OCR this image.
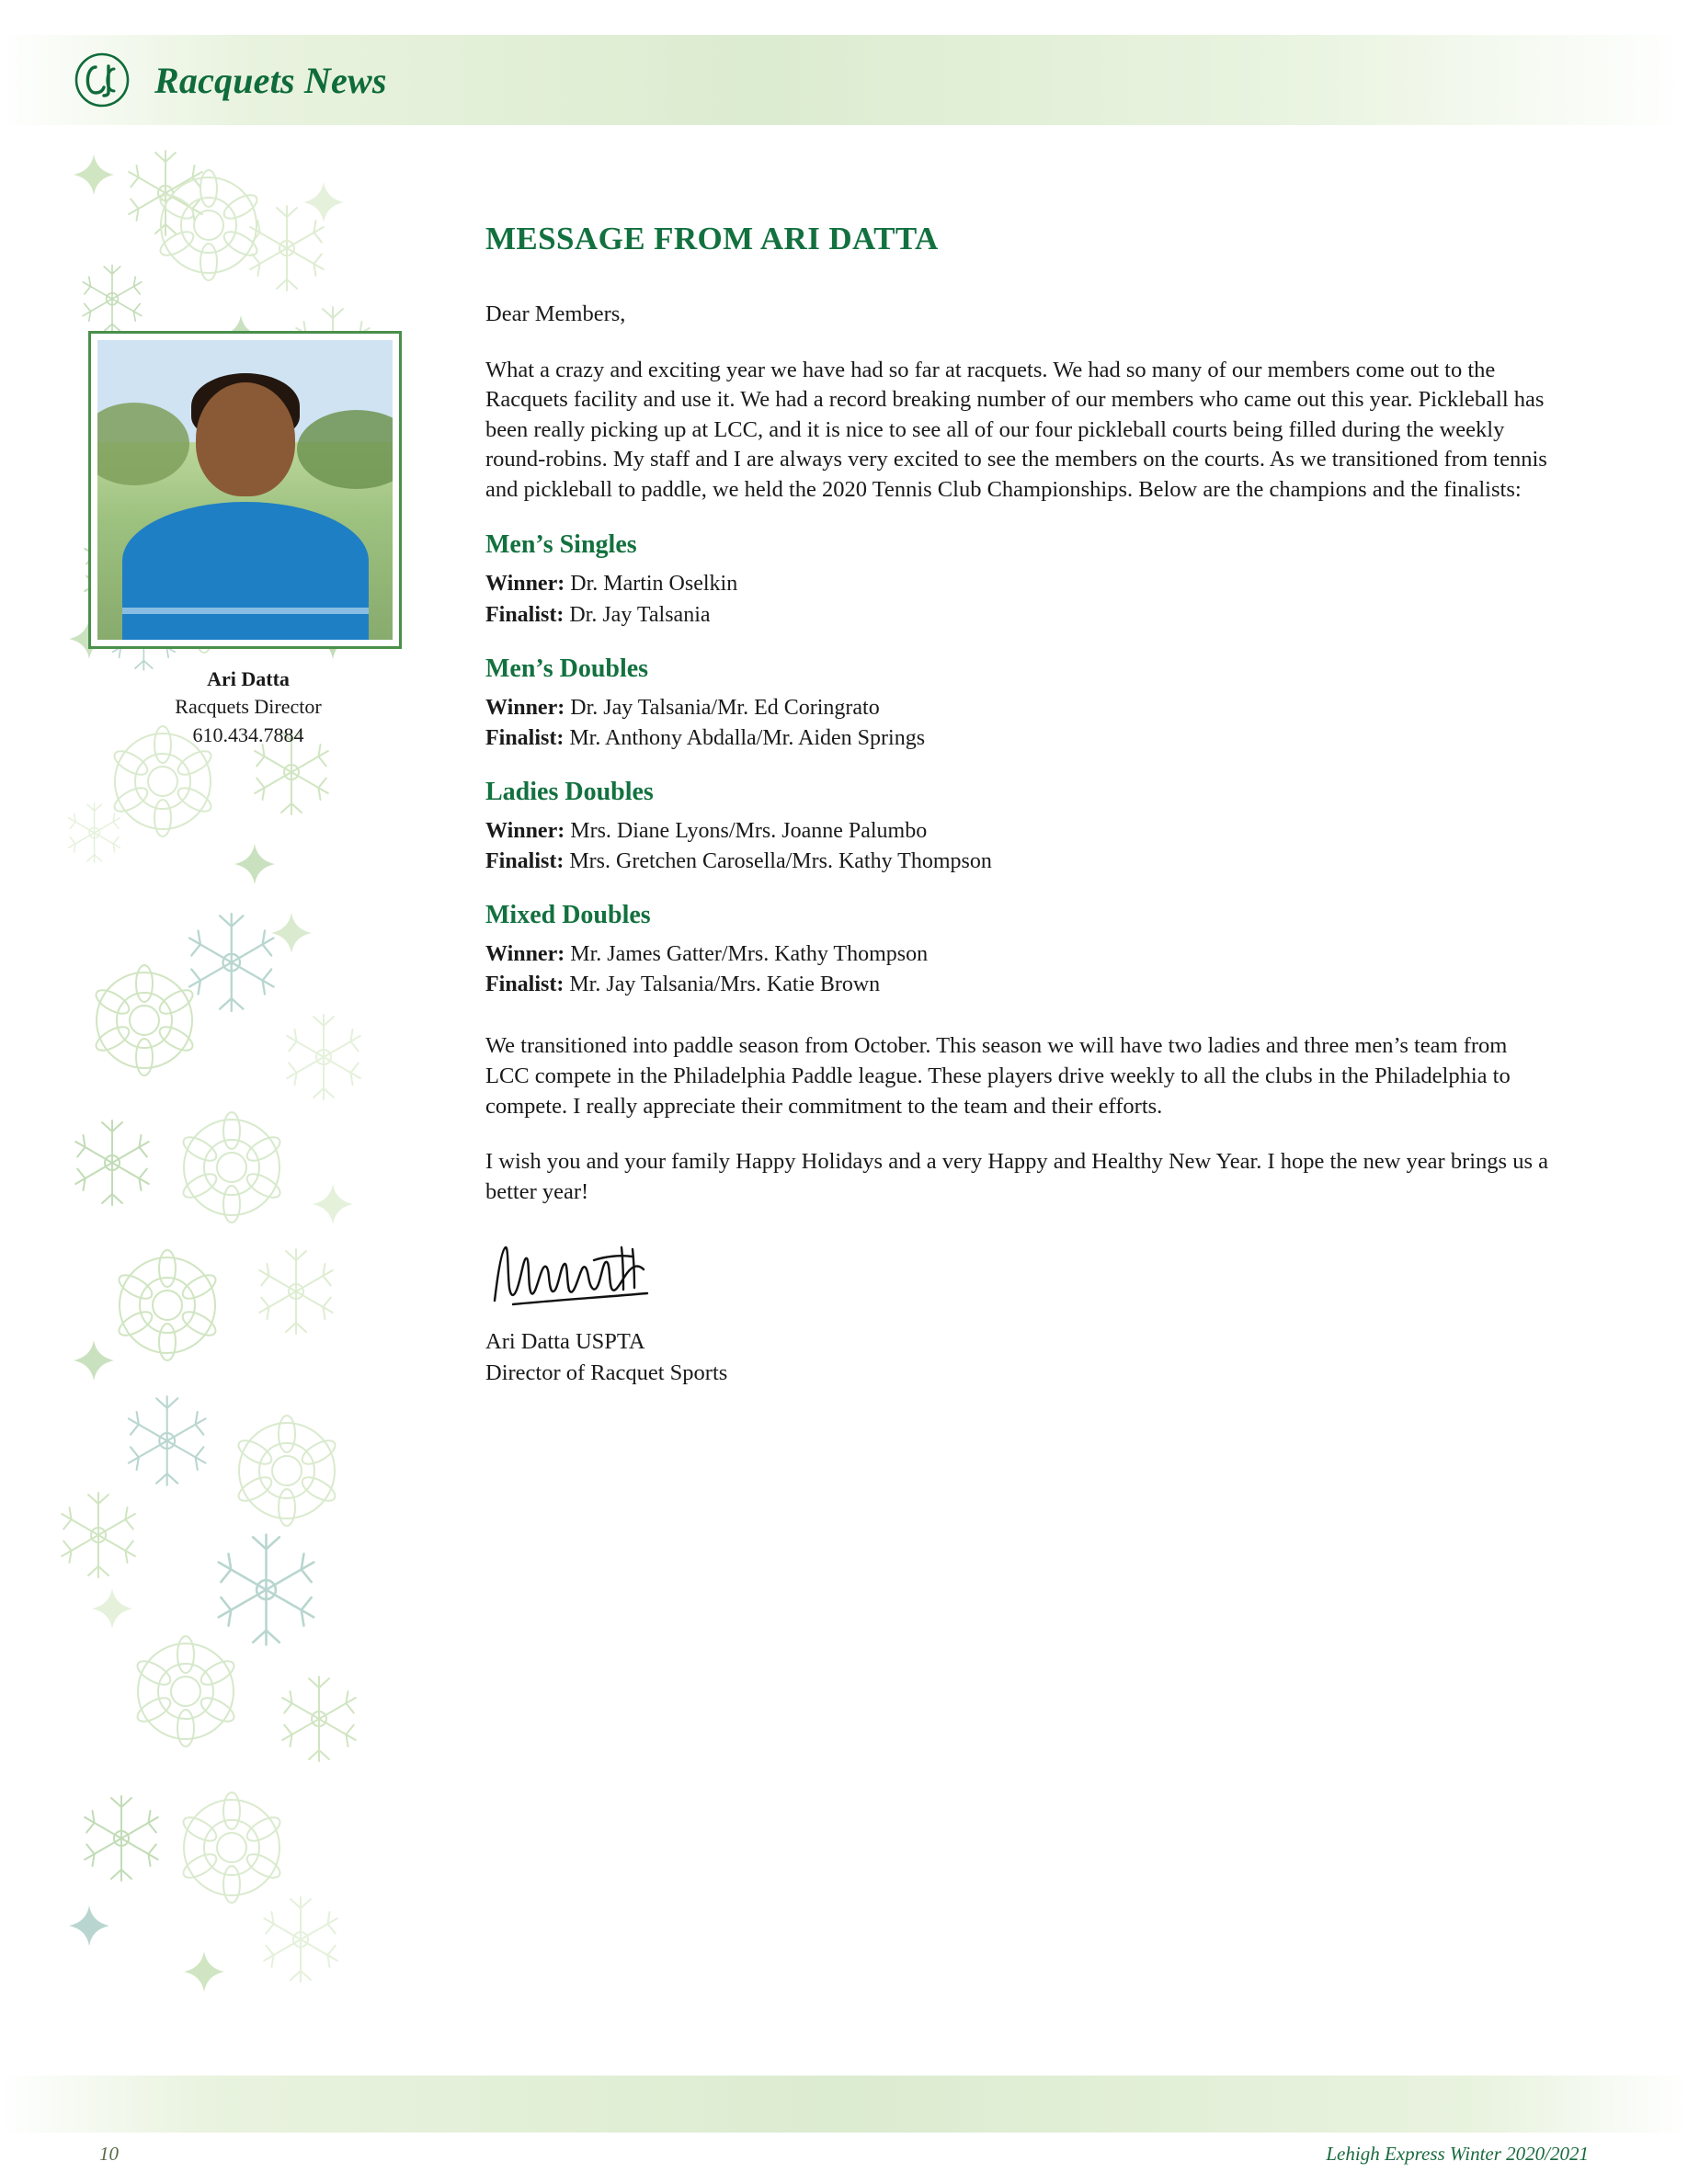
Racquets News
Ari Datta
Racquets Director
610.434.7884
MESSAGE FROM ARI DATTA

Dear Members,

What a crazy and exciting year we have had so far at racquets. We had so many of our members come out to the Racquets facility and use it. We had a record breaking number of our members who came out this year. Pickleball has been really picking up at LCC, and it is nice to see all of our four pickleball courts being filled during the weekly round-robins. My staff and I are always very excited to see the members on the courts. As we transitioned from tennis and pickleball to paddle, we held the 2020 Tennis Club Championships. Below are the champions and the finalists:

Men’s Singles
Winner: Dr. Martin Oselkin
Finalist: Dr. Jay Talsania
Men’s Doubles
Winner: Dr. Jay Talsania/Mr. Ed Coringrato
Finalist: Mr. Anthony Abdalla/Mr. Aiden Springs
Ladies Doubles
Winner: Mrs. Diane Lyons/Mrs. Joanne Palumbo
Finalist: Mrs. Gretchen Carosella/Mrs. Kathy Thompson
Mixed Doubles
Winner: Mr. James Gatter/Mrs. Kathy Thompson
Finalist: Mr. Jay Talsania/Mrs. Katie Brown

We transitioned into paddle season from October. This season we will have two ladies and three men’s team from LCC compete in the Philadelphia Paddle league. These players drive weekly to all the clubs in the Philadelphia to compete. I really appreciate their commitment to the team and their efforts.

I wish you and your family Happy Holidays and a very Happy and Healthy New Year. I hope the new year brings us a better year!

Ari Datta USPTA
Director of Racquet Sports
10	Lehigh Express Winter 2020/2021
